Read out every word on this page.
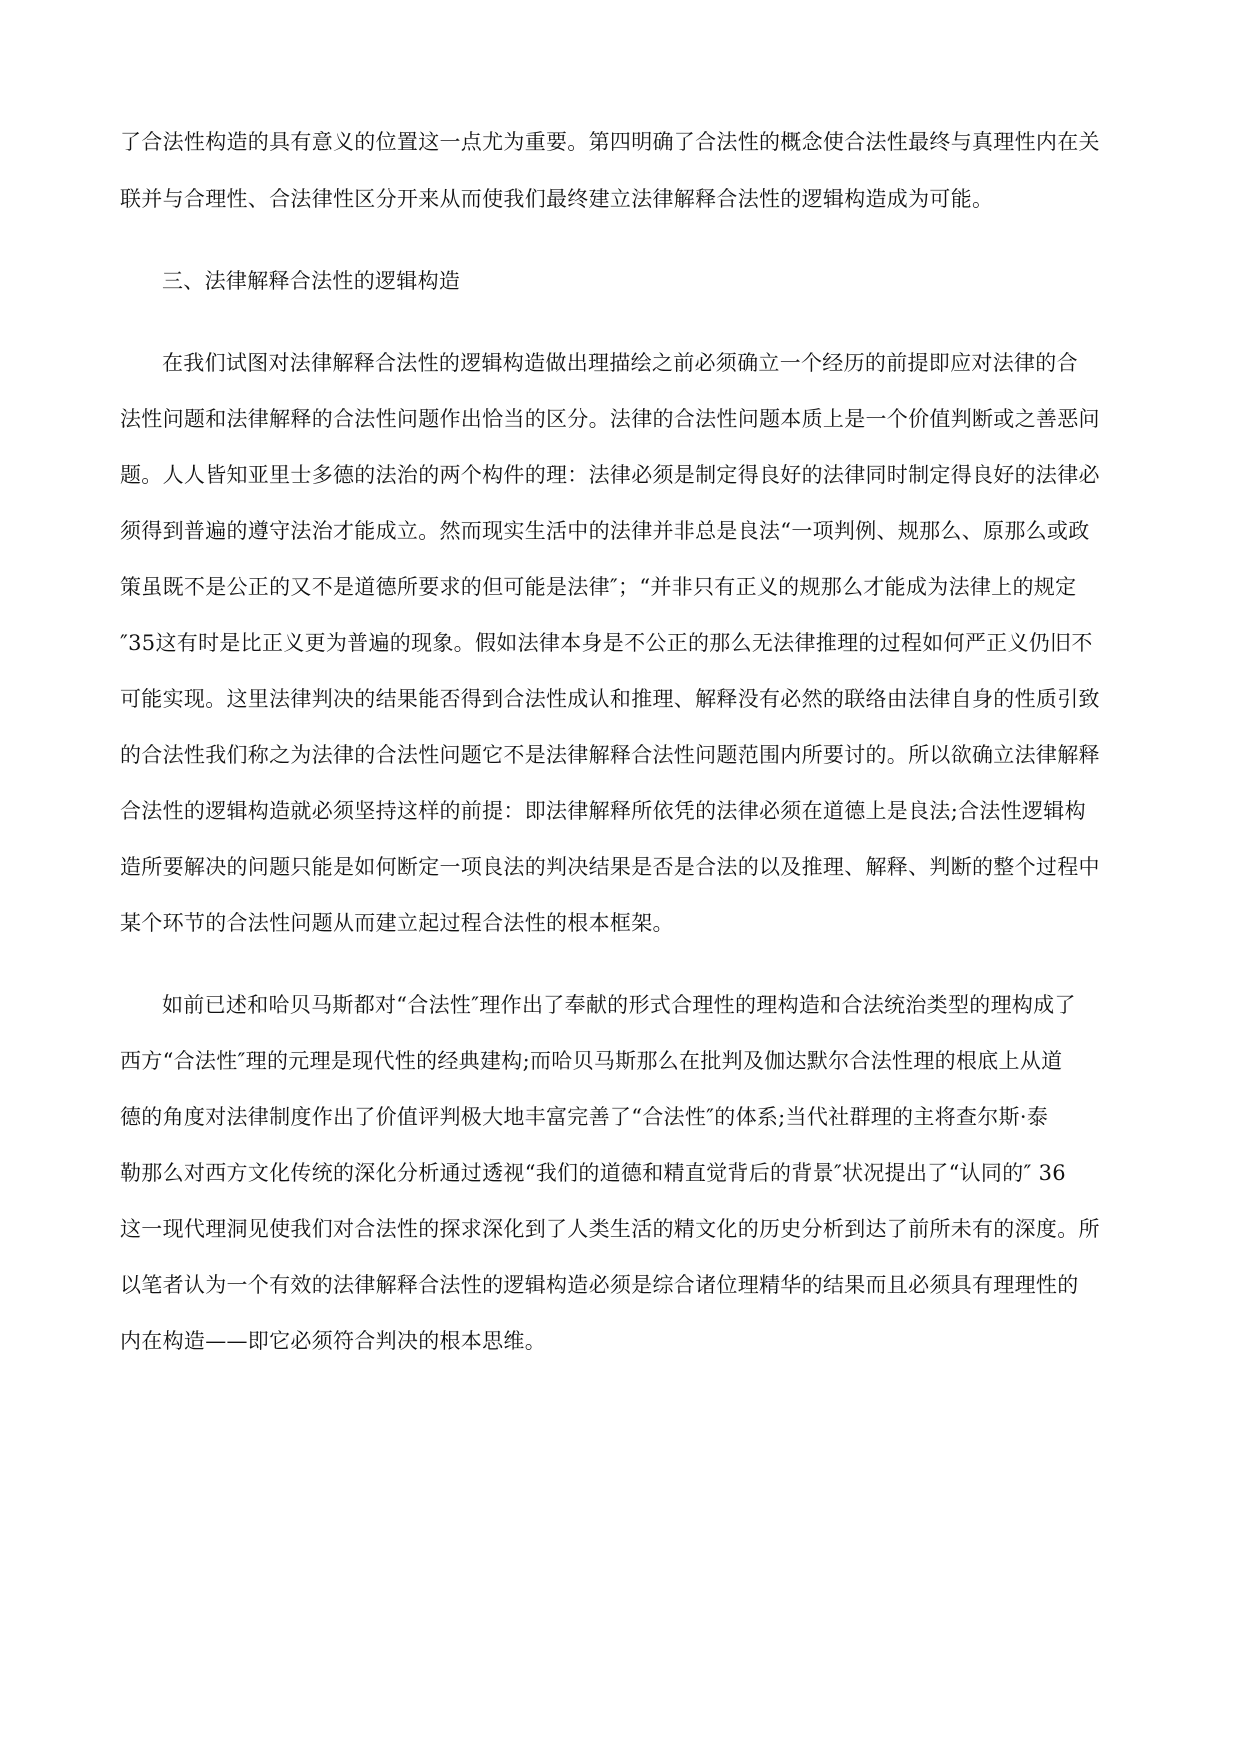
了合法性构造的具有意义的位置这一点尤为重要。第四明确了合法性的概念使合法性最终与真理性内在关
联并与合理性、合法律性区分开来从而使我们最终建立法律解释合法性的逻辑构造成为可能。
三、法律解释合法性的逻辑构造
在我们试图对法律解释合法性的逻辑构造做出理描绘之前必须确立一个经历的前提即应对法律的合
法性问题和法律解释的合法性问题作出恰当的区分。法律的合法性问题本质上是一个价值判断或之善恶问
题。人人皆知亚里士多德的法治的两个构件的理：法律必须是制定得良好的法律同时制定得良好的法律必
须得到普遍的遵守法治才能成立。然而现实生活中的法律并非总是良法“一项判例、规那么、原那么或政
策虽既不是公正的又不是道德所要求的但可能是法律″；“并非只有正义的规那么才能成为法律上的规定
″35这有时是比正义更为普遍的现象。假如法律本身是不公正的那么无法律推理的过程如何严正义仍旧不
可能实现。这里法律判决的结果能否得到合法性成认和推理、解释没有必然的联络由法律自身的性质引致
的合法性我们称之为法律的合法性问题它不是法律解释合法性问题范围内所要讨的。所以欲确立法律解释
合法性的逻辑构造就必须坚持这样的前提：即法律解释所依凭的法律必须在道德上是良法;合法性逻辑构
造所要解决的问题只能是如何断定一项良法的判决结果是否是合法的以及推理、解释、判断的整个过程中
某个环节的合法性问题从而建立起过程合法性的根本框架。
如前已述和哈贝马斯都对“合法性″理作出了奉献的形式合理性的理构造和合法统治类型的理构成了
西方“合法性″理的元理是现代性的经典建构;而哈贝马斯那么在批判及伽达默尔合法性理的根底上从道
德的角度对法律制度作出了价值评判极大地丰富完善了“合法性″的体系;当代社群理的主将查尔斯·泰
勒那么对西方文化传统的深化分析通过透视“我们的道德和精直觉背后的背景″状况提出了“认同的″ 36
这一现代理洞见使我们对合法性的探求深化到了人类生活的精文化的历史分析到达了前所未有的深度。所
以笔者认为一个有效的法律解释合法性的逻辑构造必须是综合诸位理精华的结果而且必须具有理理性的
内在构造——即它必须符合判决的根本思维。
